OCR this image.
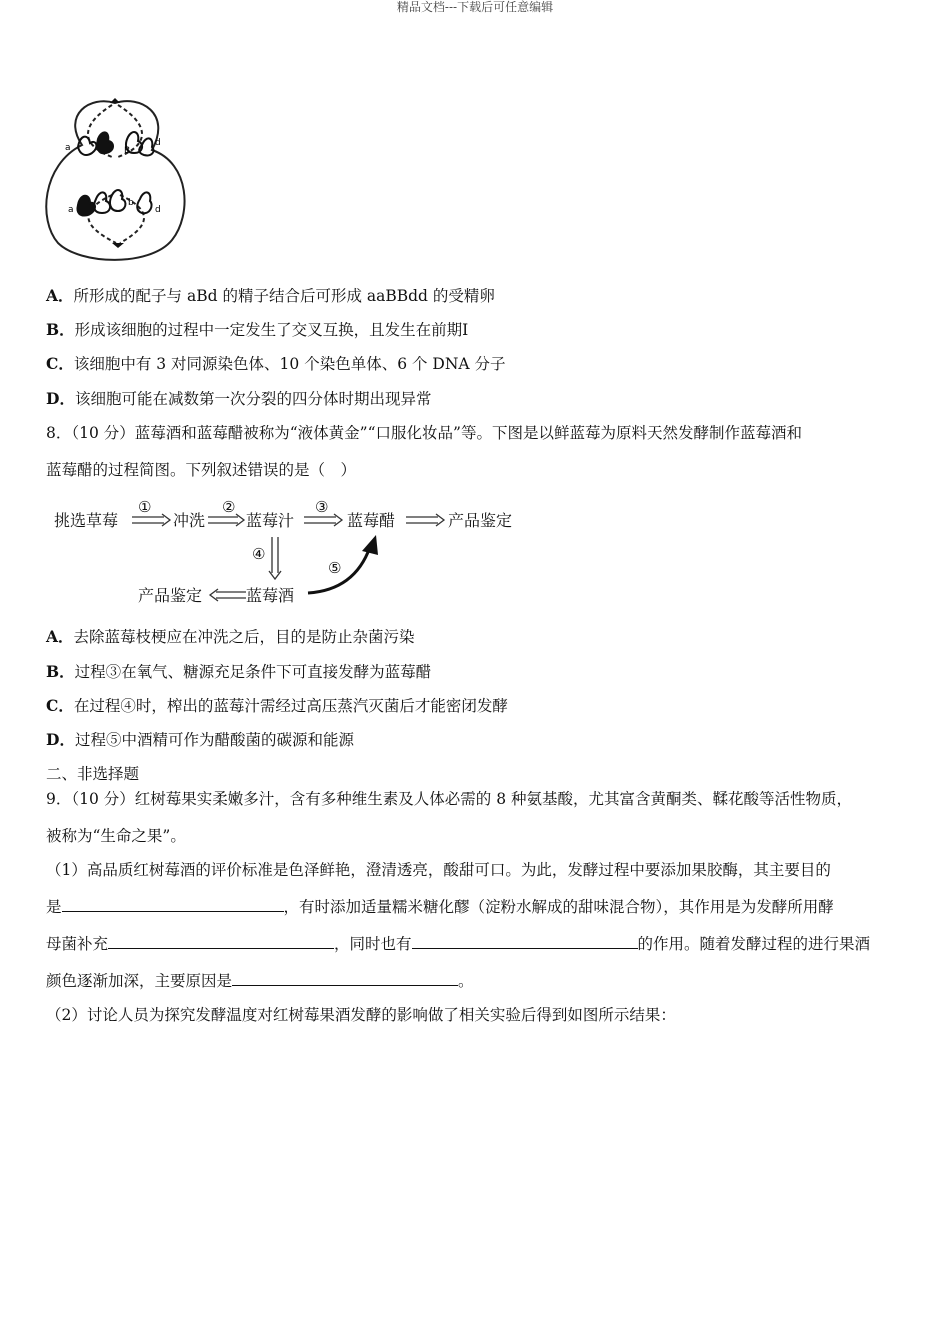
精品文档---下载后可任意编辑
a	B
d
a
b
d
A．所形成的配子与 aBd 的精子结合后可形成 aaBBdd 的受精卵
B．形成该细胞的过程中一定发生了交叉互换，且发生在前期Ⅰ
C．该细胞中有 3 对同源染色体、10 个染色单体、6 个 DNA 分子
D．该细胞可能在减数第一次分裂的四分体时期出现异常
8．（10 分）蓝莓酒和蓝莓醋被称为“液体黄金”“口服化妆品”等。下图是以鲜蓝莓为原料天然发酵制作蓝莓酒和
蓝莓醋的过程简图。下列叙述错误的是（　）
挑选草莓	冲洗	蓝莓汁	蓝莓醋	产品鉴定
产品鉴定	蓝莓酒
①	②	③
④
⑤
A．去除蓝莓枝梗应在冲洗之后，目的是防止杂菌污染
B．过程③在氧气、糖源充足条件下可直接发酵为蓝莓醋
C．在过程④时，榨出的蓝莓汁需经过高压蒸汽灭菌后才能密闭发酵
D．过程⑤中酒精可作为醋酸菌的碳源和能源
二、非选择题
9．（10 分）红树莓果实柔嫩多汁，含有多种维生素及人体必需的 8 种氨基酸，尤其富含黄酮类、鞣花酸等活性物质，
被称为“生命之果”。
（1）高品质红树莓酒的评价标准是色泽鲜艳，澄清透亮，酸甜可口。为此，发酵过程中要添加果胶酶，其主要目的
是	，有时添加适量糯米糖化醪（淀粉水解成的甜味混合物），其作用是为发酵所用酵
母菌补充	，同时也有	的作用。随着发酵过程的进行果酒
颜色逐渐加深，主要原因是	。
（2）讨论人员为探究发酵温度对红树莓果酒发酵的影响做了相关实验后得到如图所示结果：
